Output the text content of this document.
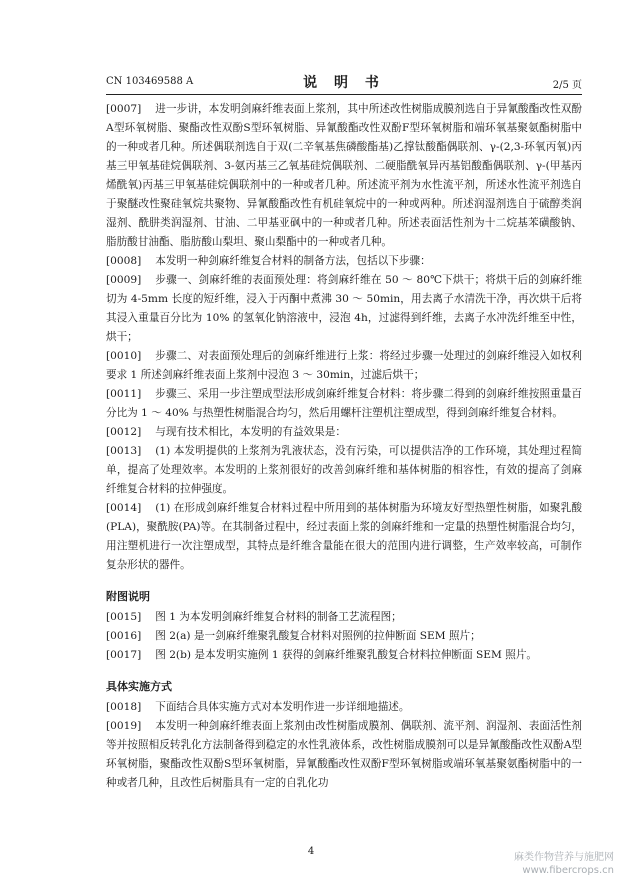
CN 103469588 A	说 明 书	2/5 页

[0007] 进一步讲，本发明剑麻纤维表面上浆剂，其中所述改性树脂成膜剂选自于异氰酸酯改性双酚A型环氧树脂、聚酯改性双酚S型环氧树脂、异氰酸酯改性双酚F型环氧树脂和端环氧基聚氨酯树脂中的一种或者几种。所述偶联剂选自于双(二辛氧基焦磷酸酯基)乙撑钛酸酯偶联剂、γ-(2,3-环氧丙氧)丙基三甲氧基硅烷偶联剂、3-氨丙基三乙氧基硅烷偶联剂、二硬脂酰氧异丙基铝酸酯偶联剂、γ-(甲基丙烯酰氧)丙基三甲氧基硅烷偶联剂中的一种或者几种。所述流平剂为水性流平剂，所述水性流平剂选自于聚醚改性聚硅氧烷共聚物、异氰酸酯改性有机硅氧烷中的一种或两种。所述润湿剂选自于硫醇类润湿剂、酰肼类润湿剂、甘油、二甲基亚砜中的一种或者几种。所述表面活性剂为十二烷基苯磺酸钠、脂肪酸甘油酯、脂肪酸山梨坦、聚山梨酯中的一种或者几种。

[0008] 本发明一种剑麻纤维复合材料的制备方法，包括以下步骤：

[0009] 步骤一、剑麻纤维的表面预处理：将剑麻纤维在 50 ～ 80℃下烘干；将烘干后的剑麻纤维切为 4-5mm 长度的短纤维，浸入于丙酮中煮沸 30 ～ 50min，用去离子水清洗干净，再次烘干后将其浸入重量百分比为 10% 的氢氧化钠溶液中，浸泡 4h，过滤得到纤维，去离子水冲洗纤维至中性，烘干；

[0010] 步骤二、对表面预处理后的剑麻纤维进行上浆：将经过步骤一处理过的剑麻纤维浸入如权利要求 1 所述剑麻纤维表面上浆剂中浸泡 3 ～ 30min，过滤后烘干；

[0011] 步骤三、采用一步注塑成型法形成剑麻纤维复合材料：将步骤二得到的剑麻纤维按照重量百分比为 1 ～ 40% 与热塑性树脂混合均匀，然后用螺杆注塑机注塑成型，得到剑麻纤维复合材料。

[0012] 与现有技术相比，本发明的有益效果是：

[0013] (1) 本发明提供的上浆剂为乳液状态，没有污染，可以提供洁净的工作环境，其处理过程简单，提高了处理效率。本发明的上浆剂很好的改善剑麻纤维和基体树脂的相容性，有效的提高了剑麻纤维复合材料的拉伸强度。

[0014] (1) 在形成剑麻纤维复合材料过程中所用到的基体树脂为环境友好型热塑性树脂，如聚乳酸(PLA)，聚酰胺(PA)等。在其制备过程中，经过表面上浆的剑麻纤维和一定量的热塑性树脂混合均匀，用注塑机进行一次注塑成型，其特点是纤维含量能在很大的范围内进行调整，生产效率较高，可制作复杂形状的器件。

附图说明

[0015] 图 1 为本发明剑麻纤维复合材料的制备工艺流程图；

[0016] 图 2(a) 是一剑麻纤维聚乳酸复合材料对照例的拉伸断面 SEM 照片；

[0017] 图 2(b) 是本发明实施例 1 获得的剑麻纤维聚乳酸复合材料拉伸断面 SEM 照片。

具体实施方式

[0018] 下面结合具体实施方式对本发明作进一步详细地描述。

[0019] 本发明一种剑麻纤维表面上浆剂由改性树脂成膜剂、偶联剂、流平剂、润湿剂、表面活性剂等并按照相反转乳化方法制备得到稳定的水性乳液体系，改性树脂成膜剂可以是异氰酸酯改性双酚A型环氧树脂，聚酯改性双酚S型环氧树脂，异氰酸酯改性双酚F型环氧树脂或端环氧基聚氨酯树脂中的一种或者几种，且改性后树脂具有一定的自乳化功

4
麻类作物营养与施肥网
www.fibercrops.cn
